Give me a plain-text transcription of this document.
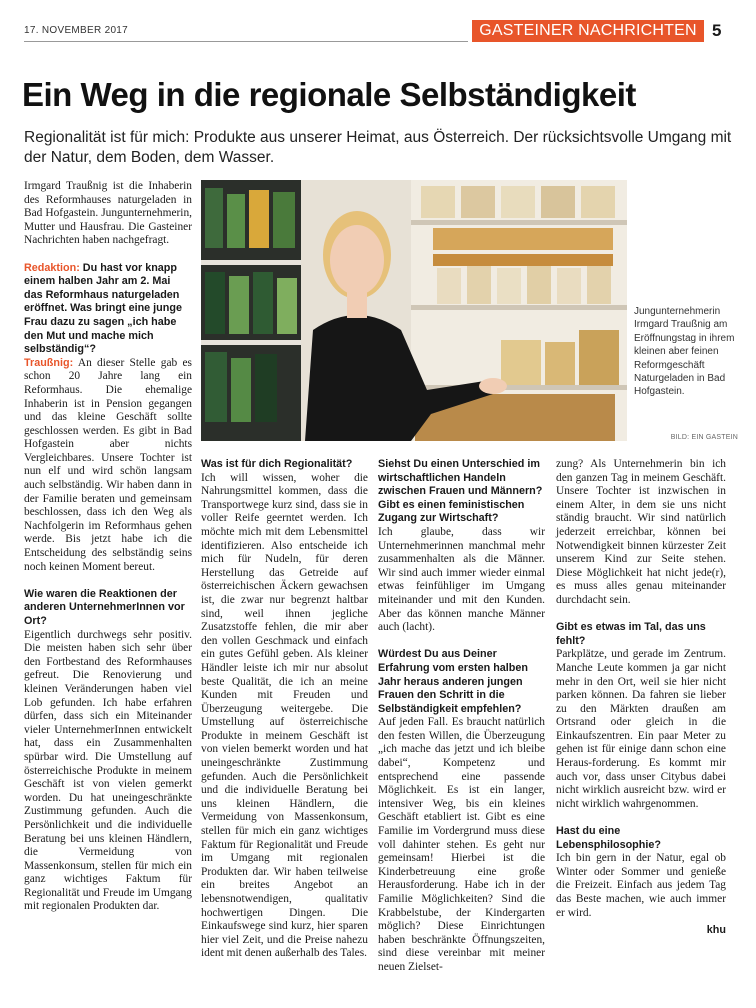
17. NOVEMBER 2017	GASTEINER NACHRICHTEN 5
Ein Weg in die regionale Selbständigkeit

Regionalität ist für mich: Produkte aus unserer Heimat, aus Österreich. Der rücksichtsvolle Umgang mit der Natur, dem Boden, dem Wasser.

Jungunternehmerin Irmgard Traußnig am Eröffnungstag in ihrem kleinen aber feinen Reformgeschäft Naturgeladen in Bad Hofgastein.

BILD: EIN GASTEIN

Irmgard Traußnig ist die Inhaberin des Reformhauses naturgeladen in Bad Hofgastein. Jungunternehmerin, Mutter und Hausfrau. Die Gasteiner Nachrichten haben nachgefragt.

Redaktion: Du hast vor knapp einem halben Jahr am 2. Mai das Reformhaus naturgeladen eröffnet. Was bringt eine junge Frau dazu zu sagen „ich habe den Mut und mache mich selbständig“?

Traußnig: An dieser Stelle gab es schon 20 Jahre lang ein Reformhaus. Die ehemalige Inhaberin ist in Pension gegangen und das kleine Geschäft sollte geschlossen werden. Es gibt in Bad Hofgastein aber nichts Vergleichbares. Unsere Tochter ist nun elf und wird schön langsam auch selbständig. Wir haben dann in der Familie beraten und gemeinsam beschlossen, dass ich den Weg als Nachfolgerin im Reformhaus gehen werde. Bis jetzt habe ich die Entscheidung des selbständig seins noch keinen Moment bereut.

Wie waren die Reaktionen der anderen UnternehmerInnen vor Ort?

Eigentlich durchwegs sehr positiv. Die meisten haben sich sehr über den Fortbestand des Reformhauses gefreut. Die Renovierung und kleinen Veränderungen haben viel Lob gefunden. Ich habe erfahren dürfen, dass sich ein Miteinander vieler UnternehmerInnen entwickelt hat, dass ein Zusammenhalten spürbar wird. Die Umstellung auf österreichische Produkte in meinem Geschäft ist von vielen gemerkt worden. Du hat uneingeschränkte Zustimmung gefunden. Auch die Persönlichkeit und die individuelle Beratung bei uns kleinen Händlern, die Vermeidung von Massenkonsum, stellen für mich ein ganz wichtiges Faktum für Regionalität und Freude im Umgang mit regionalen Produkten dar.

Was ist für dich Regionalität?

Ich will wissen, woher die Nahrungsmittel kommen, dass die Transportwege kurz sind, dass sie in voller Reife geerntet werden. Ich möchte mich mit dem Lebensmittel identifizieren. Also entscheide ich mich für Nudeln, für deren Herstellung das Getreide auf österreichischen Äckern gewachsen ist, die zwar nur begrenzt haltbar sind, weil ihnen jegliche Zusatzstoffe fehlen, die mir aber den vollen Geschmack und einfach ein gutes Gefühl geben. Als kleiner Händler leiste ich mir nur absolut beste Qualität, die ich an meine Kunden mit Freuden und Überzeugung weitergebe. Die Umstellung auf österreichische Produkte in meinem Geschäft ist von vielen bemerkt worden und hat uneingeschränkte Zustimmung gefunden. Auch die Persönlichkeit und die individuelle Beratung bei uns kleinen Händlern, die Vermeidung von Massenkonsum, stellen für mich ein ganz wichtiges Faktum für Regionalität und Freude im Umgang mit regionalen Produkten dar. Wir haben teilweise ein breites Angebot an lebensnotwendigen, qualitativ hochwertigen Dingen. Die Einkaufswege sind kurz, hier sparen hier viel Zeit, und die Preise nahezu ident mit denen außerhalb des Tales.

Siehst Du einen Unterschied im wirtschaftlichen Handeln zwischen Frauen und Männern? Gibt es einen feministischen Zugang zur Wirtschaft?

Ich glaube, dass wir Unternehmerinnen manchmal mehr zusammenhalten als die Männer. Wir sind auch immer wieder einmal etwas feinfühliger im Umgang miteinander und mit den Kunden. Aber das können manche Männer auch (lacht).

Würdest Du aus Deiner Erfahrung vom ersten halben Jahr heraus anderen jungen Frauen den Schritt in die Selbständigkeit empfehlen?

Auf jeden Fall. Es braucht natürlich den festen Willen, die Überzeugung „ich mache das jetzt und ich bleibe dabei“, Kompetenz und entsprechend eine passende Möglichkeit. Es ist ein langer, intensiver Weg, bis ein kleines Geschäft etabliert ist. Gibt es eine Familie im Vordergrund muss diese voll dahinter stehen. Es geht nur gemeinsam! Hierbei ist die Kinderbetreuung eine große Herausforderung. Habe ich in der Familie Möglichkeiten? Sind die Krabbelstube, der Kindergarten möglich? Diese Einrichtungen haben beschränkte Öffnungszeiten, sind diese vereinbar mit meiner neuen Zielset-

zung? Als Unternehmerin bin ich den ganzen Tag in meinem Geschäft. Unsere Tochter ist inzwischen in einem Alter, in dem sie uns nicht ständig braucht. Wir sind natürlich jederzeit erreichbar, können bei Notwendigkeit binnen kürzester Zeit unserem Kind zur Seite stehen. Diese Möglichkeit hat nicht jede(r), es muss alles genau miteinander durchdacht sein.

Gibt es etwas im Tal, das uns fehlt?

Parkplätze, und gerade im Zentrum. Manche Leute kommen ja gar nicht mehr in den Ort, weil sie hier nicht parken können. Da fahren sie lieber zu den Märkten draußen am Ortsrand oder gleich in die Einkaufszentren. Ein paar Meter zu gehen ist für einige dann schon eine Heraus-forderung. Es kommt mir auch vor, dass unser Citybus dabei nicht wirklich ausreicht bzw. wird er nicht wirklich wahrgenommen.

Hast du eine Lebensphilosophie?

Ich bin gern in der Natur, egal ob Winter oder Sommer und genieße die Freizeit. Einfach aus jedem Tag das Beste machen, wie auch immer er wird.

khu
